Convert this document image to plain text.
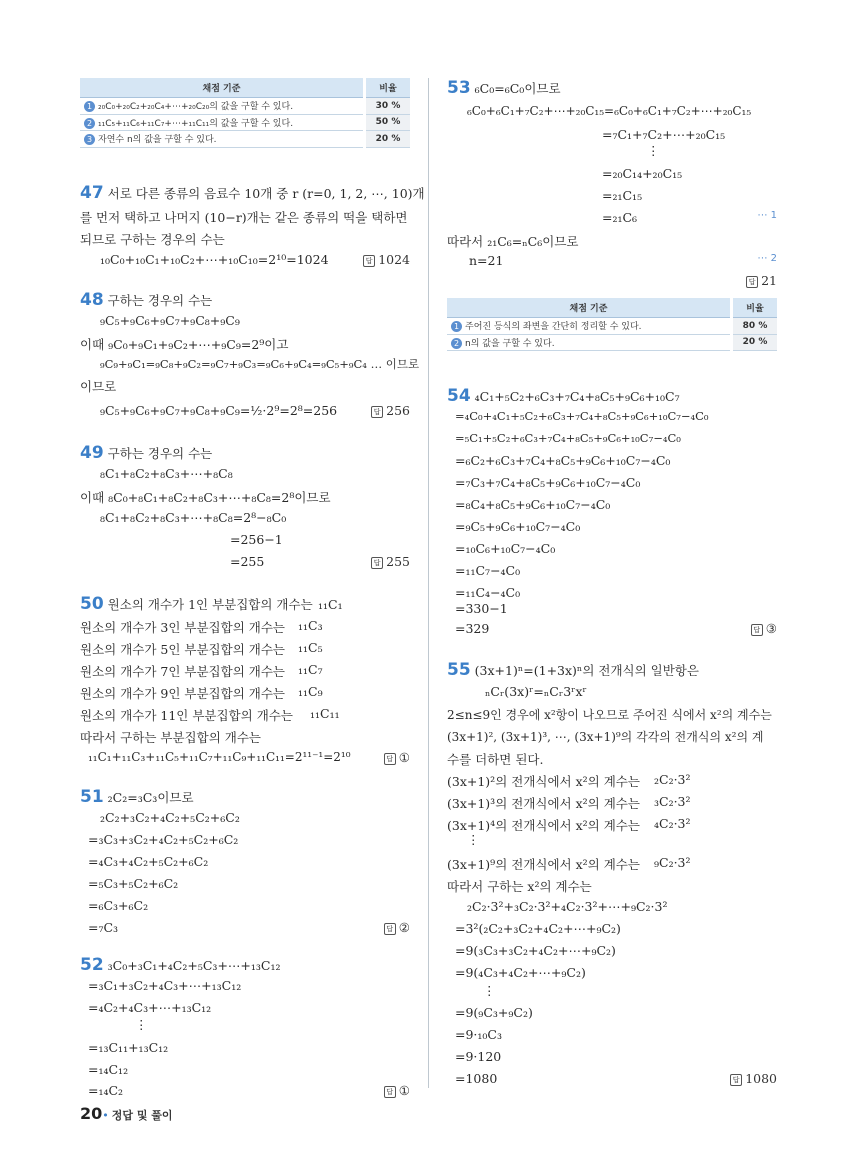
채점 기준	비율
1 ₂₀C₀+₂₀C₂+₂₀C₄+⋯+₂₀C₂₀의 값을 구할 수 있다.	30 %
2 ₁₁C₅+₁₁C₆+₁₁C₇+⋯+₁₁C₁₁의 값을 구할 수 있다.	50 %
3 자연수 n의 값을 구할 수 있다.	20 %
47 서로 다른 종류의 음료수 10개 중 r (r=0, 1, 2, ⋯, 10)개
를 먼저 택하고 나머지 (10−r)개는 같은 종류의 떡을 택하면
되므로 구하는 경우의 수는
₁₀C₀+₁₀C₁+₁₀C₂+⋯+₁₀C₁₀=2¹⁰=1024	답 1024
48 구하는 경우의 수는
₉C₅+₉C₆+₉C₇+₉C₈+₉C₉
이때 ₉C₀+₉C₁+₉C₂+⋯+₉C₉=2⁹이고
₉C₉+₉C₁=₉C₈+₉C₂=₉C₇+₉C₃=₉C₆+₉C₄=₉C₅+₉C₄ … 이므로
이므로
₉C₅+₉C₆+₉C₇+₉C₈+₉C₉=½·2⁹=2⁸=256	답 256
49 구하는 경우의 수는
₈C₁+₈C₂+₈C₃+⋯+₈C₈
이때 ₈C₀+₈C₁+₈C₂+₈C₃+⋯+₈C₈=2⁸이므로
₈C₁+₈C₂+₈C₃+⋯+₈C₈=2⁸−₈C₀
=256−1
=255	답 255
50 원소의 개수가 1인 부분집합의 개수는 ₁₁C₁
원소의 개수가 3인 부분집합의 개수는 ₁₁C₃
원소의 개수가 5인 부분집합의 개수는 ₁₁C₅
원소의 개수가 7인 부분집합의 개수는 ₁₁C₇
원소의 개수가 9인 부분집합의 개수는 ₁₁C₉
원소의 개수가 11인 부분집합의 개수는 ₁₁C₁₁
따라서 구하는 부분집합의 개수는
₁₁C₁+₁₁C₃+₁₁C₅+₁₁C₇+₁₁C₉+₁₁C₁₁=2¹¹⁻¹=2¹⁰	답 ①
51 ₂C₂=₃C₃이므로
₂C₂+₃C₂+₄C₂+₅C₂+₆C₂
=₃C₃+₃C₂+₄C₂+₅C₂+₆C₂
=₄C₃+₄C₂+₅C₂+₆C₂
=₅C₃+₅C₂+₆C₂
=₆C₃+₆C₂
=₇C₃	답 ②
52 ₃C₀+₃C₁+₄C₂+₅C₃+⋯+₁₃C₁₂
=₃C₁+₃C₂+₄C₃+⋯+₁₃C₁₂
=₄C₂+₄C₃+⋯+₁₃C₁₂
⋮
=₁₃C₁₁+₁₃C₁₂
=₁₄C₁₂
=₁₄C₂	답 ①
53 ₆C₀=₆C₀이므로
₆C₀+₆C₁+₇C₂+⋯+₂₀C₁₅=₆C₀+₆C₁+₇C₂+⋯+₂₀C₁₅
=₇C₁+₇C₂+⋯+₂₀C₁₅
⋮
=₂₀C₁₄+₂₀C₁₅
=₂₁C₁₅
=₂₁C₆	⋯ 1
따라서 ₂₁C₆=ₙC₆이므로
n=21	⋯ 2
답 21
채점 기준	비율
1 주어진 등식의 좌변을 간단히 정리할 수 있다.	80 %
2 n의 값을 구할 수 있다.	20 %
54 ₄C₁+₅C₂+₆C₃+₇C₄+₈C₅+₉C₆+₁₀C₇
=₄C₀+₄C₁+₅C₂+₆C₃+₇C₄+₈C₅+₉C₆+₁₀C₇−₄C₀
=₅C₁+₅C₂+₆C₃+₇C₄+₈C₅+₉C₆+₁₀C₇−₄C₀
=₆C₂+₆C₃+₇C₄+₈C₅+₉C₆+₁₀C₇−₄C₀
=₇C₃+₇C₄+₈C₅+₉C₆+₁₀C₇−₄C₀
=₈C₄+₈C₅+₉C₆+₁₀C₇−₄C₀
=₉C₅+₉C₆+₁₀C₇−₄C₀
=₁₀C₆+₁₀C₇−₄C₀
=₁₁C₇−₄C₀
=₁₁C₄−₄C₀
=330−1
=329	답 ③
55 (3x+1)ⁿ=(1+3x)ⁿ의 전개식의 일반항은
ₙCᵣ(3x)ʳ=ₙCᵣ3ʳxʳ
2≤n≤9인 경우에 x²항이 나오므로 주어진 식에서 x²의 계수는
(3x+1)², (3x+1)³, ⋯, (3x+1)⁹의 각각의 전개식의 x²의 계
수를 더하면 된다.
(3x+1)²의 전개식에서 x²의 계수는 ₂C₂·3²
(3x+1)³의 전개식에서 x²의 계수는 ₃C₂·3²
(3x+1)⁴의 전개식에서 x²의 계수는 ₄C₂·3²
⋮
(3x+1)⁹의 전개식에서 x²의 계수는 ₉C₂·3²
따라서 구하는 x²의 계수는
₂C₂·3²+₃C₂·3²+₄C₂·3²+⋯+₉C₂·3²
=3²(₂C₂+₃C₂+₄C₂+⋯+₉C₂)
=9(₃C₃+₃C₂+₄C₂+⋯+₉C₂)
=9(₄C₃+₄C₂+⋯+₉C₂)
⋮
=9(₉C₃+₉C₂)
=9·₁₀C₃
=9·120
=1080	답 1080
20• 정답 및 풀이
